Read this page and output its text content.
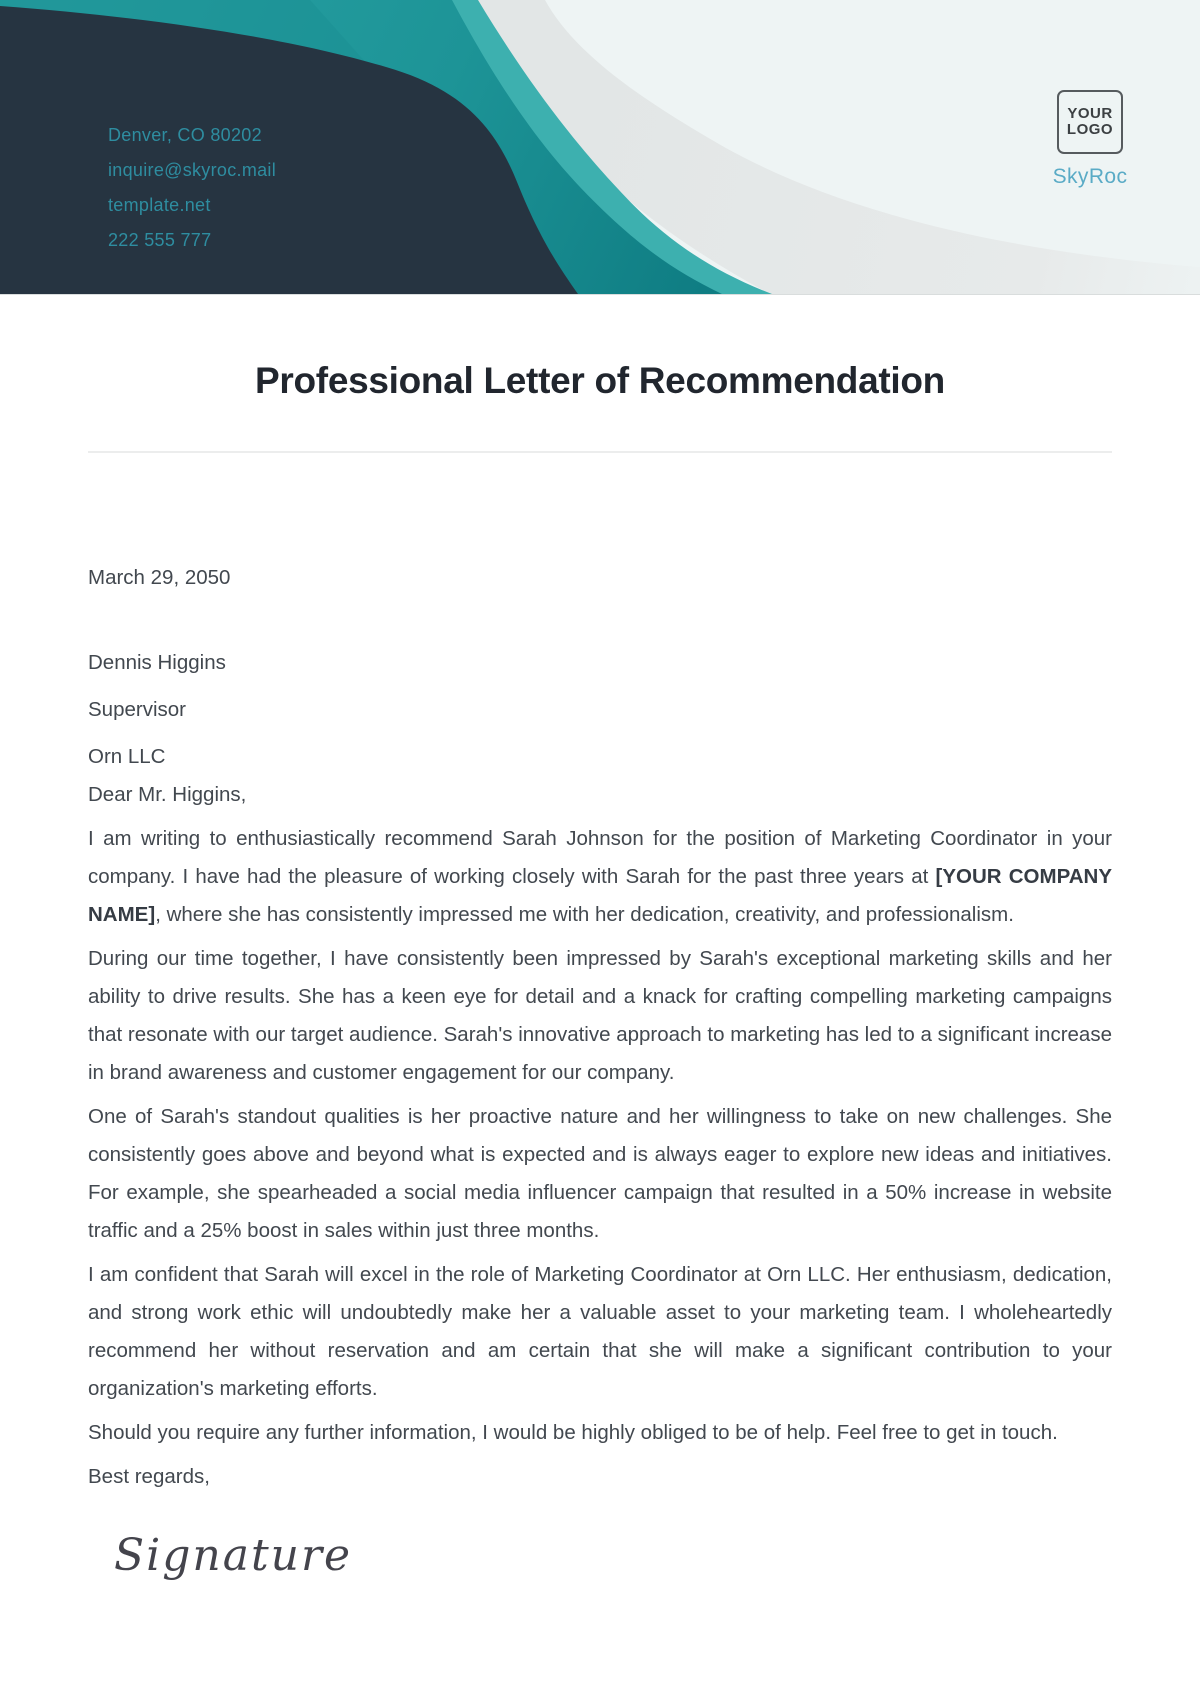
Denver, CO 80202
inquire@skyroc.mail
template.net
222 555 777
YOUR
LOGO
SkyRoc
Professional Letter of Recommendation

March 29, 2050

Dennis Higgins

Supervisor

Orn LLC

Dear Mr. Higgins,

I am writing to enthusiastically recommend Sarah Johnson for the position of Marketing Coordinator in your company. I have had the pleasure of working closely with Sarah for the past three years at [YOUR COMPANY NAME], where she has consistently impressed me with her dedication, creativity, and professionalism.

During our time together, I have consistently been impressed by Sarah's exceptional marketing skills and her ability to drive results. She has a keen eye for detail and a knack for crafting compelling marketing campaigns that resonate with our target audience. Sarah's innovative approach to marketing has led to a significant increase in brand awareness and customer engagement for our company.

One of Sarah's standout qualities is her proactive nature and her willingness to take on new challenges. She consistently goes above and beyond what is expected and is always eager to explore new ideas and initiatives. For example, she spearheaded a social media influencer campaign that resulted in a 50% increase in website traffic and a 25% boost in sales within just three months.

I am confident that Sarah will excel in the role of Marketing Coordinator at Orn LLC. Her enthusiasm, dedication, and strong work ethic will undoubtedly make her a valuable asset to your marketing team. I wholeheartedly recommend her without reservation and am certain that she will make a significant contribution to your organization's marketing efforts.

Should you require any further information, I would be highly obliged to be of help. Feel free to get in touch.

Best regards,

Signature
